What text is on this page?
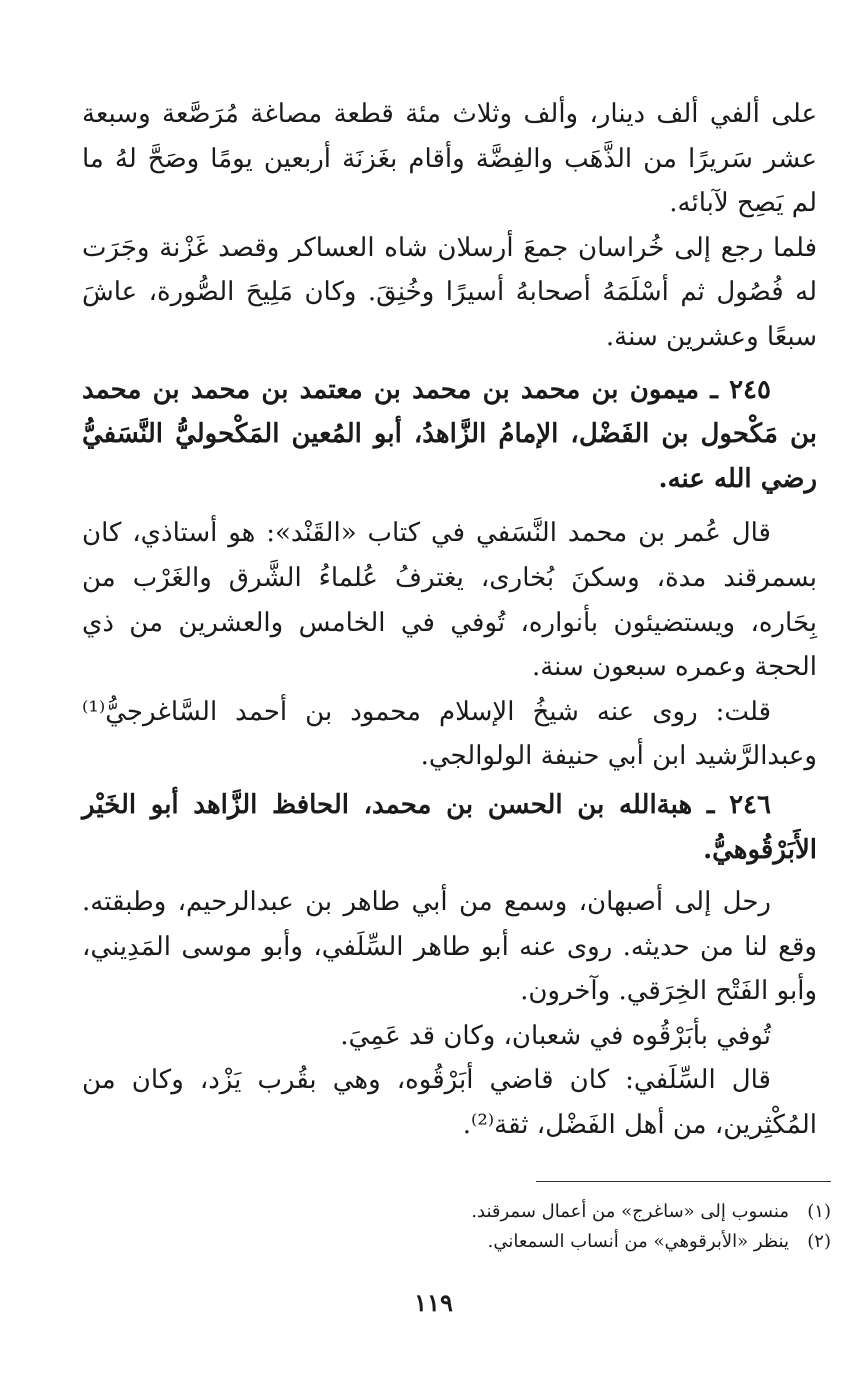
على ألفي ألف دينار، وألف وثلاث مئة قطعة مصاغة مُرَصَّعة وسبعة عشر سَريرًا من الذَّهَب والفِضَّة وأقام بغَزنَة أربعين يومًا وصَحَّ لهُ ما لم يَصِح لآبائه.

فلما رجع إلى خُراسان جمعَ أرسلان شاه العساكر وقصد غَزْنة وجَرَت له فُصُول ثم أسْلَمَهُ أصحابهُ أسيرًا وخُنِقَ. وكان مَلِيحَ الصُّورة، عاشَ سبعًا وعشرين سنة.

٢٤٥ ـ ميمون بن محمد بن محمد بن معتمد بن محمد بن محمد بن مَكْحول بن الفَضْل، الإمامُ الزَّاهدُ، أبو المُعين المَكْحوليُّ النَّسَفيُّ رضي الله عنه.

قال عُمر بن محمد النَّسَفي في كتاب «القَنْد»: هو أستاذي، كان بسمرقند مدة، وسكنَ بُخارى، يغترفُ عُلماءُ الشَّرق والغَرْب من بِحَاره، ويستضيئون بأنواره، تُوفي في الخامس والعشرين من ذي الحجة وعمره سبعون سنة.

قلت: روى عنه شيخُ الإسلام محمود بن أحمد السَّاغرجيُّ⁽¹⁾ وعبدالرَّشيد ابن أبي حنيفة الولوالجي.

٢٤٦ ـ هبةالله بن الحسن بن محمد، الحافظ الزَّاهد أبو الخَيْر الأَبَرْقُوهيُّ.

رحل إلى أصبهان، وسمع من أبي طاهر بن عبدالرحيم، وطبقته. وقع لنا من حديثه. روى عنه أبو طاهر السِّلَفي، وأبو موسى المَدِيني، وأبو الفَتْح الخِرَقي. وآخرون.

تُوفي بأبَرْقُوه في شعبان، وكان قد عَمِيَ.

قال السِّلَفي: كان قاضي أبَرْقُوه، وهي بقُرب يَزْد، وكان من المُكْثِرين، من أهل الفَضْل، ثقة⁽²⁾.

(١)منسوب إلى «ساغرج» من أعمال سمرقند.
(٢)ينظر «الأبرقوهي» من أنساب السمعاني.
١١٩
